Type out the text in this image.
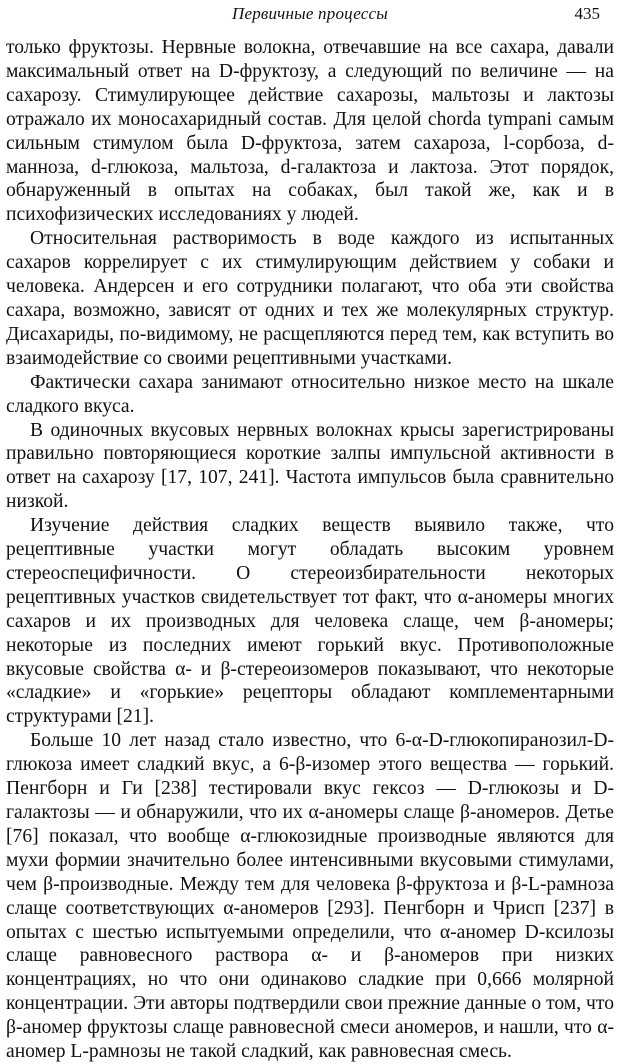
Первичные процессы	435

только фруктозы. Нервные волокна, отвечавшие на все сахара, давали максимальный ответ на D-фруктозу, а следующий по величине — на сахарозу. Стимулирующее действие сахарозы, мальтозы и лактозы отражало их моносахаридный состав. Для целой chorda tympani самым сильным стимулом была D-фруктоза, затем сахароза, l-сорбоза, d-манноза, d-глюкоза, мальтоза, d-галактоза и лактоза. Этот порядок, обнаруженный в опытах на собаках, был такой же, как и в психофизических исследованиях у людей.

Относительная растворимость в воде каждого из испытанных сахаров коррелирует с их стимулирующим действием у собаки и человека. Андерсен и его сотрудники полагают, что оба эти свойства сахара, возможно, зависят от одних и тех же молекулярных структур. Дисахариды, по-видимому, не расщепляются перед тем, как вступить во взаимодействие со своими рецептивными участками.

Фактически сахара занимают относительно низкое место на шкале сладкого вкуса.

В одиночных вкусовых нервных волокнах крысы зарегистрированы правильно повторяющиеся короткие залпы импульсной активности в ответ на сахарозу [17, 107, 241]. Частота импульсов была сравнительно низкой.

Изучение действия сладких веществ выявило также, что рецептивные участки могут обладать высоким уровнем стереоспецифичности. О стереоизбирательности некоторых рецептивных участков свидетельствует тот факт, что α-аномеры многих сахаров и их производных для человека слаще, чем β-аномеры; некоторые из последних имеют горький вкус. Противоположные вкусовые свойства α- и β-стереоизомеров показывают, что некоторые «сладкие» и «горькие» рецепторы обладают комплементарными структурами [21].

Больше 10 лет назад стало известно, что 6-α-D-глюкопиранозил-D-глюкоза имеет сладкий вкус, а 6-β-изомер этого вещества — горький. Пенгборн и Ги [238] тестировали вкус гексоз — D-глюкозы и D-галактозы — и обнаружили, что их α-аномеры слаще β-аномеров. Детье [76] показал, что вообще α-глюкозидные производные являются для мухи формии значительно более интенсивными вкусовыми стимулами, чем β-производные. Между тем для человека β-фруктоза и β-L-рамноза слаще соответствующих α-аномеров [293]. Пенгборн и Чрисп [237] в опытах с шестью испытуемыми определили, что α-аномер D-ксилозы слаще равновесного раствора α- и β-аномеров при низких концентрациях, но что они одинаково сладкие при 0,666 молярной концентрации. Эти авторы подтвердили свои прежние данные о том, что β-аномер фруктозы слаще равновесной смеси аномеров, и нашли, что α-аномер L-рамнозы не такой сладкий, как равновесная смесь.
